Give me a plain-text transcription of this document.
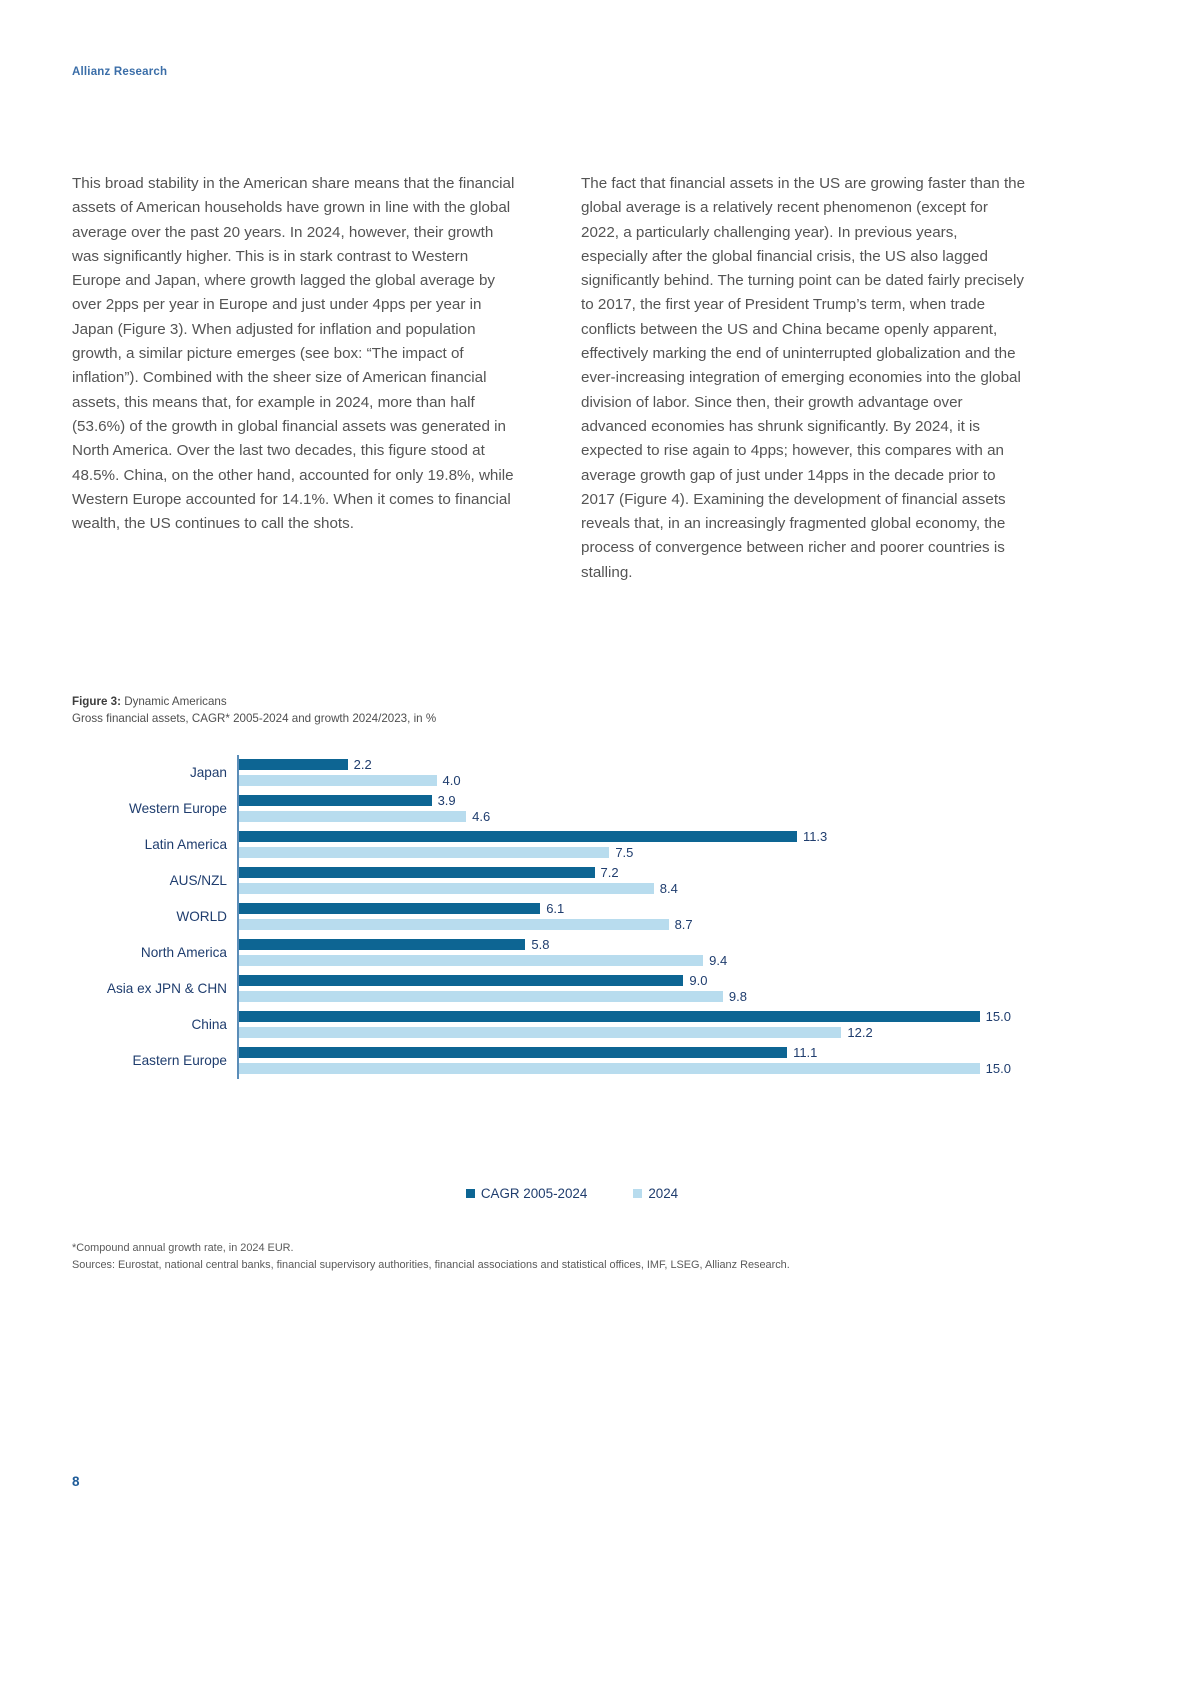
Allianz Research

This broad stability in the American share means that the financial assets of American households have grown in line with the global average over the past 20 years. In 2024, however, their growth was significantly higher. This is in stark contrast to Western Europe and Japan, where growth lagged the global average by over 2pps per year in Europe and just under 4pps per year in Japan (Figure 3). When adjusted for inflation and population growth, a similar picture emerges (see box: “The impact of inflation”). Combined with the sheer size of American financial assets, this means that, for example in 2024, more than half (53.6%) of the growth in global financial assets was generated in North America. Over the last two decades, this figure stood at 48.5%. China, on the other hand, accounted for only 19.8%, while Western Europe accounted for 14.1%. When it comes to financial wealth, the US continues to call the shots.

The fact that financial assets in the US are growing faster than the global average is a relatively recent phenomenon (except for 2022, a particularly challenging year). In previous years, especially after the global financial crisis, the US also lagged significantly behind. The turning point can be dated fairly precisely to 2017, the first year of President Trump’s term, when trade conflicts between the US and China became openly apparent, effectively marking the end of uninterrupted globalization and the ever-increasing integration of emerging economies into the global division of labor. Since then, their growth advantage over advanced economies has shrunk significantly. By 2024, it is expected to rise again to 4pps; however, this compares with an average growth gap of just under 14pps in the decade prior to 2017 (Figure 4). Examining the development of financial assets reveals that, in an increasingly fragmented global economy, the process of convergence between richer and poorer countries is stalling.

Figure 3: Dynamic Americans
Gross financial assets, CAGR* 2005-2024 and growth 2024/2023, in %
Japan
2.2
4.0
Western Europe
3.9
4.6
Latin America
11.3
7.5
AUS/NZL
7.2
8.4
WORLD
6.1
8.7
North America
5.8
9.4
Asia ex JPN & CHN
9.0
9.8
China
15.0
12.2
Eastern Europe
11.1
15.0
CAGR 2005-2024	2024
*Compound annual growth rate, in 2024 EUR.
Sources: Eurostat, national central banks, financial supervisory authorities, financial associations and statistical offices, IMF, LSEG, Allianz Research.
8
